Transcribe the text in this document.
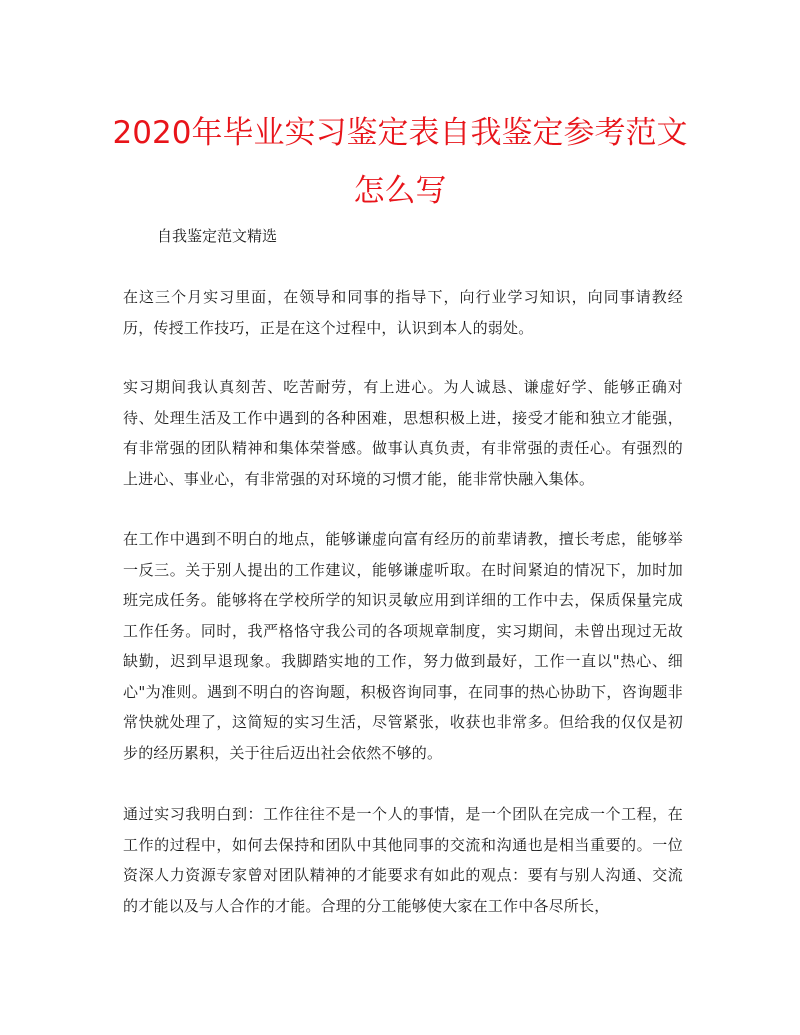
2020年毕业实习鉴定表自我鉴定参考范文怎么写

自我鉴定范文精选

在这三个月实习里面，在领导和同事的指导下，向行业学习知识，向同事请教经历，传授工作技巧，正是在这个过程中，认识到本人的弱处。

实习期间我认真刻苦、吃苦耐劳，有上进心。为人诚恳、谦虚好学、能够正确对待、处理生活及工作中遇到的各种困难，思想积极上进，接受才能和独立才能强，有非常强的团队精神和集体荣誉感。做事认真负责，有非常强的责任心。有强烈的上进心、事业心，有非常强的对环境的习惯才能，能非常快融入集体。

在工作中遇到不明白的地点，能够谦虚向富有经历的前辈请教，擅长考虑，能够举一反三。关于别人提出的工作建议，能够谦虚听取。在时间紧迫的情况下，加时加班完成任务。能够将在学校所学的知识灵敏应用到详细的工作中去，保质保量完成工作任务。同时，我严格恪守我公司的各项规章制度，实习期间，未曾出现过无故缺勤，迟到早退现象。我脚踏实地的工作，努力做到最好，工作一直以"热心、细心"为准则。遇到不明白的咨询题，积极咨询同事，在同事的热心协助下，咨询题非常快就处理了，这简短的实习生活，尽管紧张，收获也非常多。但给我的仅仅是初步的经历累积，关于往后迈出社会依然不够的。

通过实习我明白到：工作往往不是一个人的事情，是一个团队在完成一个工程，在工作的过程中，如何去保持和团队中其他同事的交流和沟通也是相当重要的。一位资深人力资源专家曾对团队精神的才能要求有如此的观点：要有与别人沟通、交流的才能以及与人合作的才能。合理的分工能够使大家在工作中各尽所长，
